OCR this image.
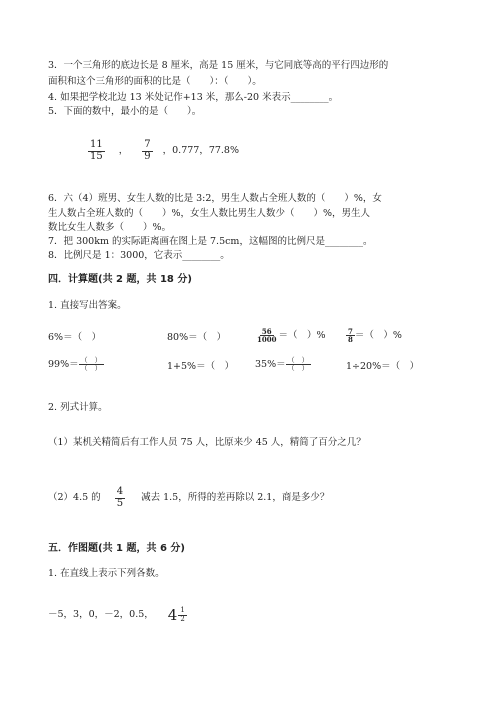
3．一个三角形的底边长是 8 厘米，高是 15 厘米，与它同底等高的平行四边形的
面积和这个三角形的面积的比是（　　）：（　　）。
4. 如果把学校北边 13 米处记作+13 米，那么-20 米表示________。
5．下面的数中，最小的是（　　）。
$\frac{11}{15}$ ， $\frac{7}{9}$ ，0.777，77.8%
6．六（4）班男、女生人数的比是 3:2，男生人数占全班人数的（　　）%，女
生人数占全班人数的（　　）%，女生人数比男生人数少（　　）%，男生人
数比女生人数多（　　）%。
7．把 300km 的实际距离画在图上是 7.5cm，这幅图的比例尺是________。
8．比例尺是 1：3000，它表示________。
四．计算题(共 2 题，共 18 分)
1. 直接写出答案。
6%＝（　）	80%＝（　）	$\frac{56}{1000}$ ＝（　）%	$\frac{7}{8}$ ＝（　）%
$99\%= \frac{( )}{( )}$	1+5%＝（　） $35\%= \frac{( )}{( )}$	1÷20%＝（　）
2. 列式计算。
（1）某机关精简后有工作人员 75 人，比原来少 45 人，精简了百分之几？
（2）4.5 的 $\frac{4}{5}$ 减去 1.5，所得的差再除以 2.1，商是多少？
五．作图题(共 1 题，共 6 分)
1. 在直线上表示下列各数。
－5，3，0，－2，0.5， $4 \frac{1}{2}$
